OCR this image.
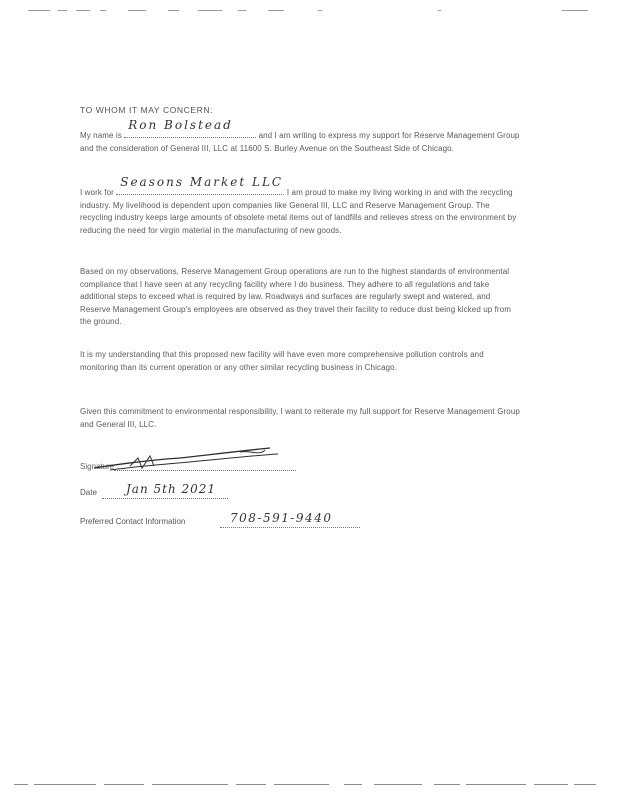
TO WHOM IT MAY CONCERN:
My name is
Ron Bolstead
and I am writing to express my support for Reserve Management Group and the consideration of General III, LLC at 11600 S. Burley Avenue on the Southeast Side of Chicago.
I work for
Seasons Market LLC
. I am proud to make my living working in and with the recycling industry. My livelihood is dependent upon companies like General III, LLC and Reserve Management Group. The recycling industry keeps large amounts of obsolete metal items out of landfills and relieves stress on the environment by reducing the need for virgin material in the manufacturing of new goods.
Based on my observations, Reserve Management Group operations are run to the highest standards of environmental compliance that I have seen at any recycling facility where I do business. They adhere to all regulations and take additional steps to exceed what is required by law. Roadways and surfaces are regularly swept and watered, and Reserve Management Group's employees are observed as they travel their facility to reduce dust being kicked up from the ground.
It is my understanding that this proposed new facility will have even more comprehensive pollution controls and monitoring than its current operation or any other similar recycling business in Chicago.
Given this commitment to environmental responsibility, I want to reiterate my full support for Reserve Management Group and General III, LLC.
Signature
Date Jan 5th 2021
Preferred Contact Information	708-591-9440
